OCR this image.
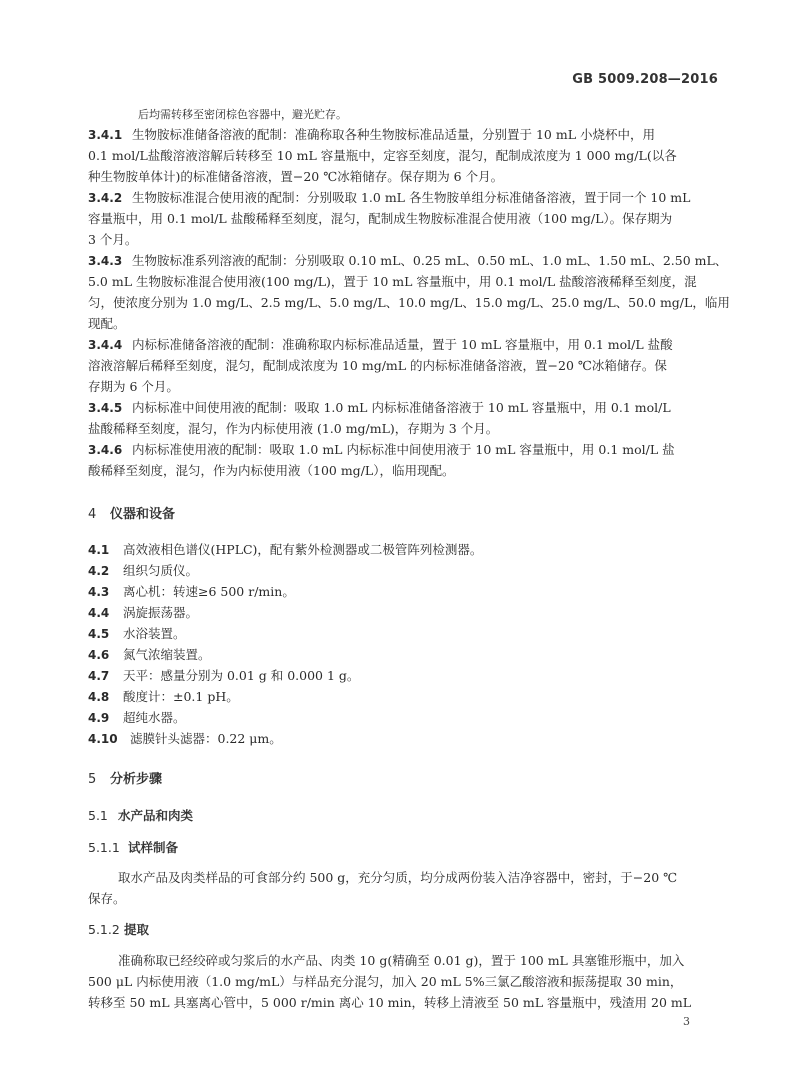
GB 5009.208—2016
后均需转移至密闭棕色容器中，避光贮存。
3.4.1 生物胺标准储备溶液的配制：准确称取各种生物胺标准品适量，分别置于 10 mL 小烧杯中，用
0.1 mol/L盐酸溶液溶解后转移至 10 mL 容量瓶中，定容至刻度，混匀，配制成浓度为 1 000 mg/L(以各
种生物胺单体计)的标准储备溶液，置−20 ℃冰箱储存。保存期为 6 个月。
3.4.2 生物胺标准混合使用液的配制：分别吸取 1.0 mL 各生物胺单组分标准储备溶液，置于同一个 10 mL
容量瓶中，用 0.1 mol/L 盐酸稀释至刻度，混匀，配制成生物胺标准混合使用液（100 mg/L）。保存期为
3 个月。
3.4.3 生物胺标准系列溶液的配制：分别吸取 0.10 mL、0.25 mL、0.50 mL、1.0 mL、1.50 mL、2.50 mL、
5.0 mL 生物胺标准混合使用液(100 mg/L)，置于 10 mL 容量瓶中，用 0.1 mol/L 盐酸溶液稀释至刻度，混
匀，使浓度分别为 1.0 mg/L、2.5 mg/L、5.0 mg/L、10.0 mg/L、15.0 mg/L、25.0 mg/L、50.0 mg/L，临用
现配。
3.4.4 内标标准储备溶液的配制：准确称取内标标准品适量，置于 10 mL 容量瓶中，用 0.1 mol/L 盐酸
溶液溶解后稀释至刻度，混匀，配制成浓度为 10 mg/mL 的内标标准储备溶液，置−20 ℃冰箱储存。保
存期为 6 个月。
3.4.5 内标标准中间使用液的配制：吸取 1.0 mL 内标标准储备溶液于 10 mL 容量瓶中，用 0.1 mol/L
盐酸稀释至刻度，混匀，作为内标使用液 (1.0 mg/mL)，存期为 3 个月。
3.4.6 内标标准使用液的配制：吸取 1.0 mL 内标标准中间使用液于 10 mL 容量瓶中，用 0.1 mol/L 盐
酸稀释至刻度，混匀，作为内标使用液（100 mg/L），临用现配。
4 仪器和设备
4.1 高效液相色谱仪(HPLC)，配有紫外检测器或二极管阵列检测器。
4.2 组织匀质仪。
4.3 离心机：转速≥6 500 r/min。
4.4 涡旋振荡器。
4.5 水浴装置。
4.6 氮气浓缩装置。
4.7 天平：感量分别为 0.01 g 和 0.000 1 g。
4.8 酸度计：±0.1 pH。
4.9 超纯水器。
4.10 滤膜针头滤器：0.22 μm。
5 分析步骤
5.1 水产品和肉类
5.1.1 试样制备
取水产品及肉类样品的可食部分约 500 g，充分匀质，均分成两份装入洁净容器中，密封，于−20 ℃
保存。
5.1.2 提取
准确称取已经绞碎或匀浆后的水产品、肉类 10 g(精确至 0.01 g)，置于 100 mL 具塞锥形瓶中，加入
500 μL 内标使用液（1.0 mg/mL）与样品充分混匀，加入 20 mL 5%三氯乙酸溶液和振荡提取 30 min，
转移至 50 mL 具塞离心管中，5 000 r/min 离心 10 min，转移上清液至 50 mL 容量瓶中，残渣用 20 mL
3
